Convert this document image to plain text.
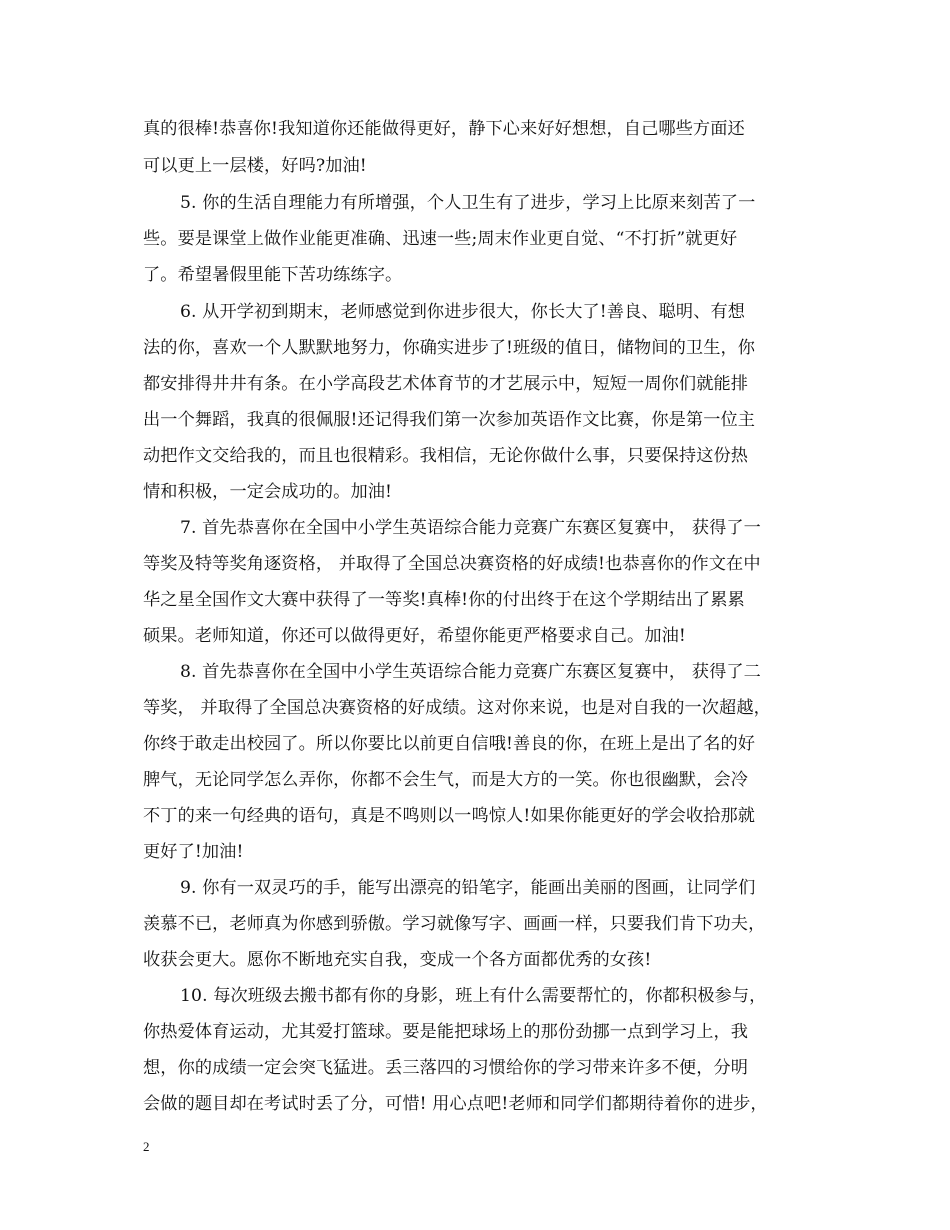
真的很棒!恭喜你!我知道你还能做得更好，静下心来好好想想，自己哪些方面还
可以更上一层楼，好吗?加油!
5. 你的生活自理能力有所增强，个人卫生有了进步，学习上比原来刻苦了一
些。要是课堂上做作业能更准确、迅速一些;周末作业更自觉、“不打折”就更好
了。希望暑假里能下苦功练练字。
6. 从开学初到期末，老师感觉到你进步很大，你长大了!善良、聪明、有想
法的你，喜欢一个人默默地努力，你确实进步了!班级的值日，储物间的卫生，你
都安排得井井有条。在小学高段艺术体育节的才艺展示中，短短一周你们就能排
出一个舞蹈，我真的很佩服!还记得我们第一次参加英语作文比赛，你是第一位主
动把作文交给我的，而且也很精彩。我相信，无论你做什么事，只要保持这份热
情和积极，一定会成功的。加油!
7. 首先恭喜你在全国中小学生英语综合能力竞赛广东赛区复赛中， 获得了一
等奖及特等奖角逐资格， 并取得了全国总决赛资格的好成绩!也恭喜你的作文在中
华之星全国作文大赛中获得了一等奖!真棒!你的付出终于在这个学期结出了累累
硕果。老师知道，你还可以做得更好，希望你能更严格要求自己。加油!
8. 首先恭喜你在全国中小学生英语综合能力竞赛广东赛区复赛中， 获得了二
等奖， 并取得了全国总决赛资格的好成绩。这对你来说，也是对自我的一次超越，
你终于敢走出校园了。所以你要比以前更自信哦!善良的你，在班上是出了名的好
脾气，无论同学怎么弄你，你都不会生气，而是大方的一笑。你也很幽默，会冷
不丁的来一句经典的语句，真是不鸣则以一鸣惊人!如果你能更好的学会收拾那就
更好了!加油!
9. 你有一双灵巧的手，能写出漂亮的铅笔字，能画出美丽的图画，让同学们
羡慕不已，老师真为你感到骄傲。学习就像写字、画画一样，只要我们肯下功夫，
收获会更大。愿你不断地充实自我，变成一个各方面都优秀的女孩!
10. 每次班级去搬书都有你的身影，班上有什么需要帮忙的，你都积极参与，
你热爱体育运动，尤其爱打篮球。要是能把球场上的那份劲挪一点到学习上，我
想，你的成绩一定会突飞猛进。丢三落四的习惯给你的学习带来许多不便，分明
会做的题目却在考试时丢了分，可惜! 用心点吧!老师和同学们都期待着你的进步，
2
